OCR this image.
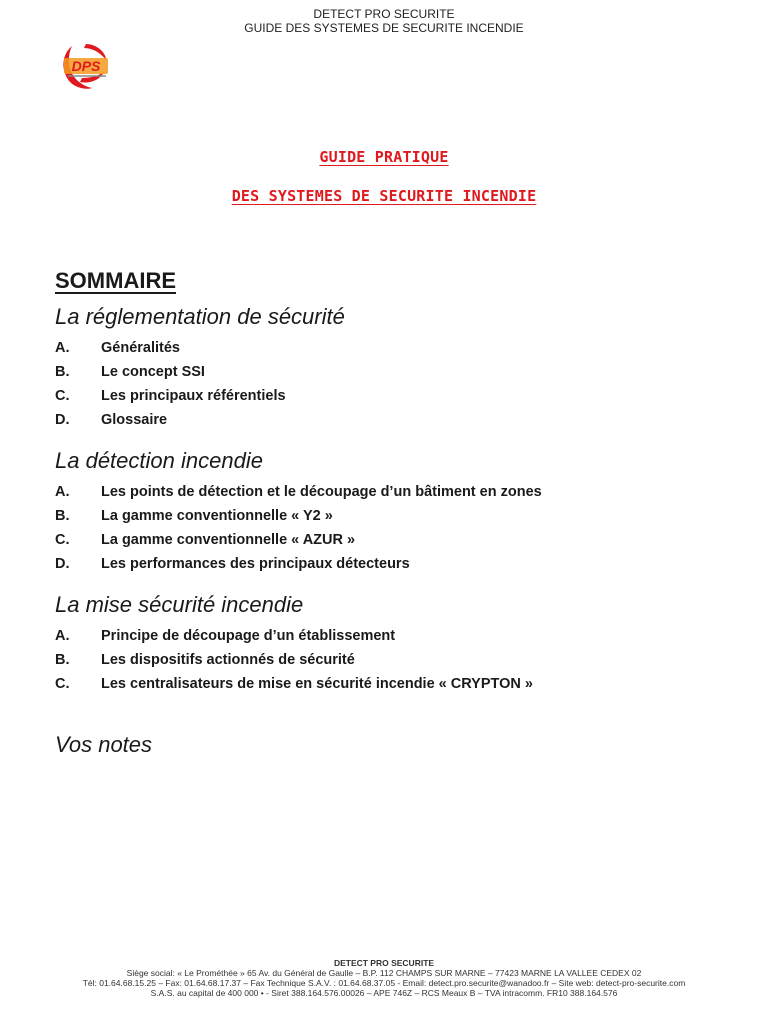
DETECT PRO SECURITE
GUIDE DES SYSTEMES DE SECURITE INCENDIE
DPS
GUIDE PRATIQUE
DES SYSTEMES DE SECURITE INCENDIE
SOMMAIRE
La réglementation de sécurité
A.	Généralités
B.	Le concept SSI
C.	Les principaux référentiels
D.	Glossaire
La détection incendie
A.	Les points de détection et le découpage d’un bâtiment en zones
B.	La gamme conventionnelle « Y2 »
C.	La gamme conventionnelle « AZUR »
D.	Les performances des principaux détecteurs
La mise sécurité incendie
A.	Principe de découpage d’un établissement
B.	Les dispositifs actionnés de sécurité
C.	Les centralisateurs de mise en sécurité incendie « CRYPTON »
Vos notes
DETECT PRO SECURITE
Siège social: « Le Prométhée » 65 Av. du Général de Gaulle – B.P. 112 CHAMPS SUR MARNE – 77423 MARNE LA VALLEE CEDEX 02
Tél: 01.64.68.15.25 – Fax: 01.64.68.17.37 – Fax Technique S.A.V. : 01.64.68.37.05 - Email: detect.pro.securite@wanadoo.fr – Site web: detect-pro-securite.com
S.A.S. au capital de 400 000 • - Siret 388.164.576.00026 – APE 746Z – RCS Meaux B – TVA intracomm. FR10 388.164.576
